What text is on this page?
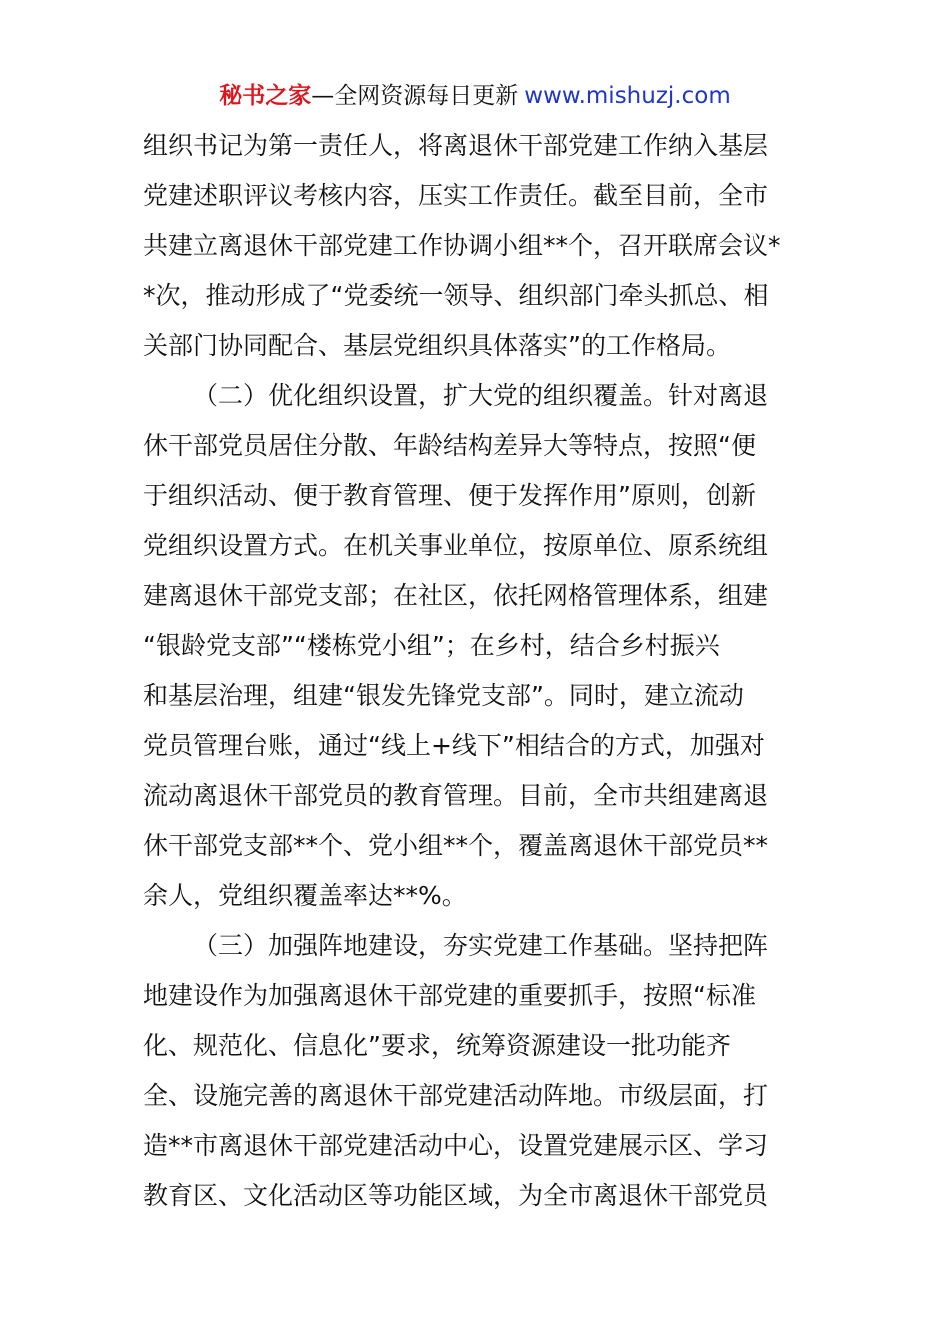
秘书之家—全网资源每日更新 www.mishuzj.com
组织书记为第一责任人，将离退休干部党建工作纳入基层
党建述职评议考核内容，压实工作责任。截至目前，全市
共建立离退休干部党建工作协调小组**个，召开联席会议*
*次，推动形成了“党委统一领导、组织部门牵头抓总、相
关部门协同配合、基层党组织具体落实”的工作格局。
（二）优化组织设置，扩大党的组织覆盖。针对离退
休干部党员居住分散、年龄结构差异大等特点，按照“便
于组织活动、便于教育管理、便于发挥作用”原则，创新
党组织设置方式。在机关事业单位，按原单位、原系统组
建离退休干部党支部；在社区，依托网格管理体系，组建
“银龄党支部”“楼栋党小组”；在乡村，结合乡村振兴
和基层治理，组建“银发先锋党支部”。同时，建立流动
党员管理台账，通过“线上+线下”相结合的方式，加强对
流动离退休干部党员的教育管理。目前，全市共组建离退
休干部党支部**个、党小组**个，覆盖离退休干部党员**
余人，党组织覆盖率达**%。
（三）加强阵地建设，夯实党建工作基础。坚持把阵
地建设作为加强离退休干部党建的重要抓手，按照“标准
化、规范化、信息化”要求，统筹资源建设一批功能齐
全、设施完善的离退休干部党建活动阵地。市级层面，打
造**市离退休干部党建活动中心，设置党建展示区、学习
教育区、文化活动区等功能区域，为全市离退休干部党员
